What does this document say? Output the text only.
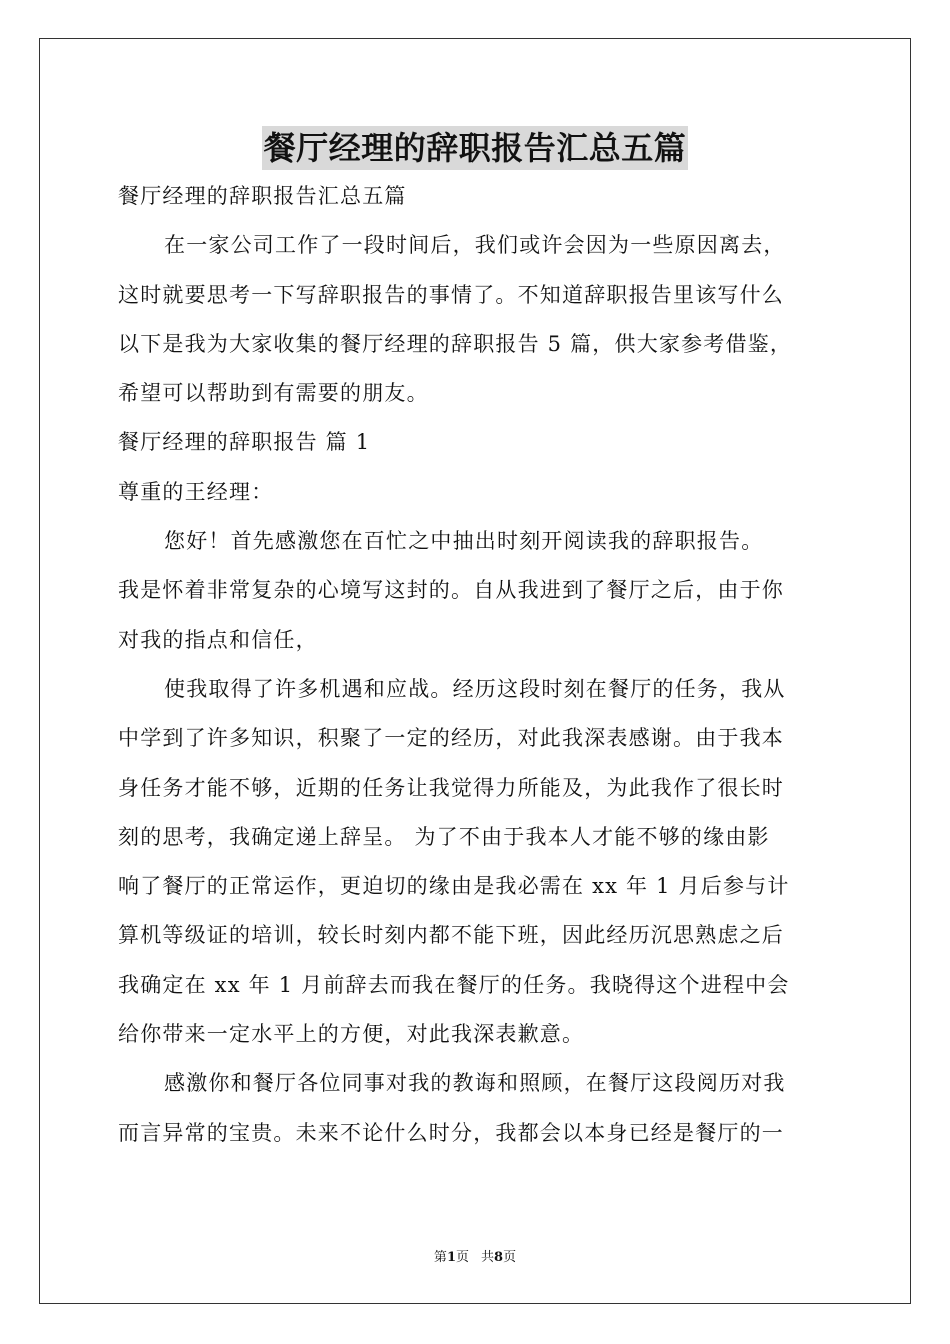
餐厅经理的辞职报告汇总五篇
餐厅经理的辞职报告汇总五篇
在一家公司工作了一段时间后，我们或许会因为一些原因离去，
这时就要思考一下写辞职报告的事情了。不知道辞职报告里该写什么
以下是我为大家收集的餐厅经理的辞职报告 5 篇，供大家参考借鉴，
希望可以帮助到有需要的朋友。
餐厅经理的辞职报告 篇 1
尊重的王经理：
您好！首先感激您在百忙之中抽出时刻开阅读我的辞职报告。
我是怀着非常复杂的心境写这封的。自从我进到了餐厅之后，由于你
对我的指点和信任，
使我取得了许多机遇和应战。经历这段时刻在餐厅的任务，我从
中学到了许多知识，积聚了一定的经历，对此我深表感谢。由于我本
身任务才能不够，近期的任务让我觉得力所能及，为此我作了很长时
刻的思考，我确定递上辞呈。 为了不由于我本人才能不够的缘由影
响了餐厅的正常运作，更迫切的缘由是我必需在 xx 年 1 月后参与计
算机等级证的培训，较长时刻内都不能下班，因此经历沉思熟虑之后
我确定在 xx 年 1 月前辞去而我在餐厅的任务。我晓得这个进程中会
给你带来一定水平上的方便，对此我深表歉意。
感激你和餐厅各位同事对我的教诲和照顾，在餐厅这段阅历对我
而言异常的宝贵。未来不论什么时分，我都会以本身已经是餐厅的一
第1页 共8页
